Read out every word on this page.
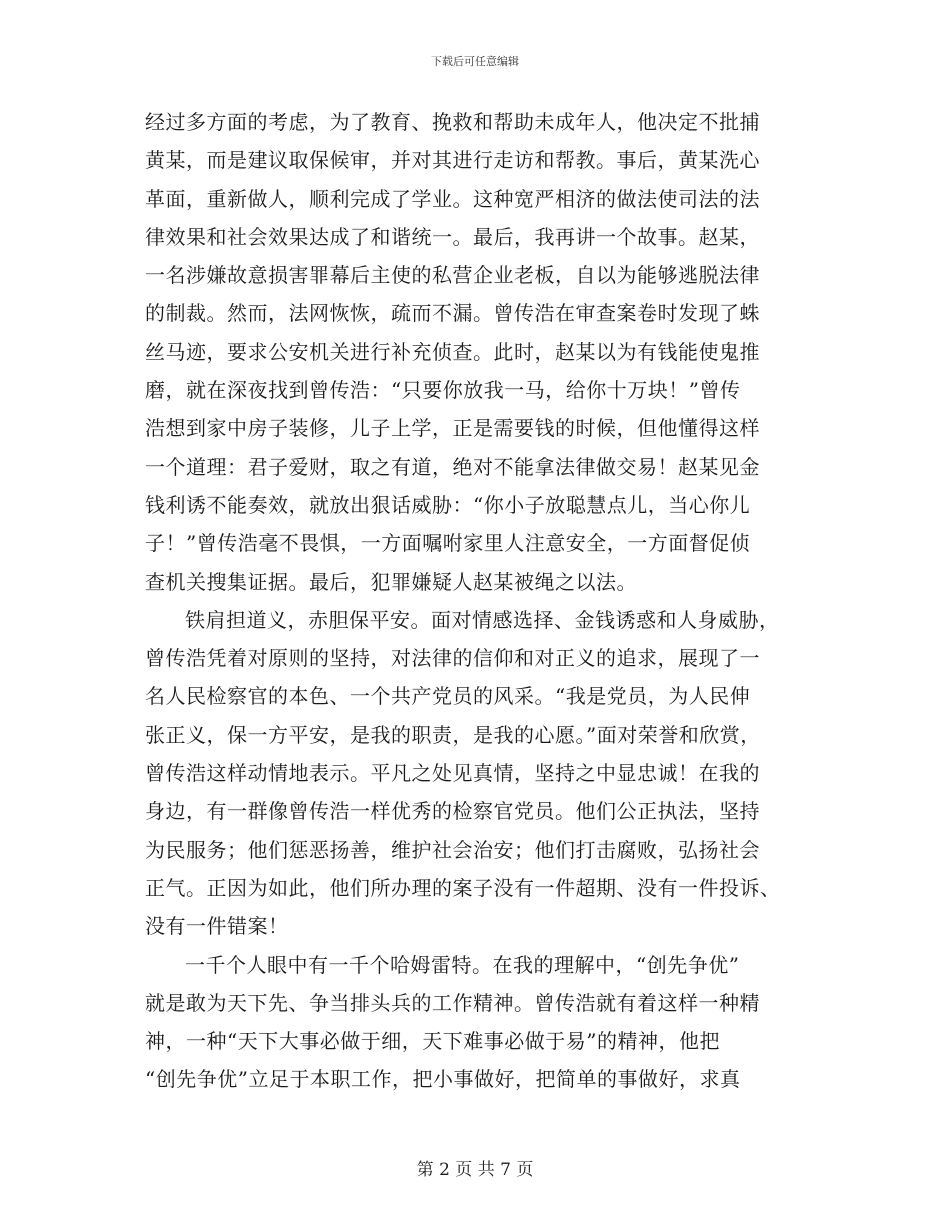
下载后可任意编辑
经过多方面的考虑，为了教育、挽救和帮助未成年人，他决定不批捕
黄某，而是建议取保候审，并对其进行走访和帮教。事后，黄某洗心
革面，重新做人，顺利完成了学业。这种宽严相济的做法使司法的法
律效果和社会效果达成了和谐统一。最后，我再讲一个故事。赵某，
一名涉嫌故意损害罪幕后主使的私营企业老板，自以为能够逃脱法律
的制裁。然而，法网恢恢，疏而不漏。曾传浩在审查案卷时发现了蛛
丝马迹，要求公安机关进行补充侦查。此时，赵某以为有钱能使鬼推
磨，就在深夜找到曾传浩：“只要你放我一马，给你十万块！”曾传
浩想到家中房子装修，儿子上学，正是需要钱的时候，但他懂得这样
一个道理：君子爱财，取之有道，绝对不能拿法律做交易！赵某见金
钱利诱不能奏效，就放出狠话威胁：“你小子放聪慧点儿，当心你儿
子！”曾传浩毫不畏惧，一方面嘱咐家里人注意安全，一方面督促侦
查机关搜集证据。最后，犯罪嫌疑人赵某被绳之以法。
铁肩担道义，赤胆保平安。面对情感选择、金钱诱惑和人身威胁，
曾传浩凭着对原则的坚持，对法律的信仰和对正义的追求，展现了一
名人民检察官的本色、一个共产党员的风采。“我是党员，为人民伸
张正义，保一方平安，是我的职责，是我的心愿。”面对荣誉和欣赏，
曾传浩这样动情地表示。平凡之处见真情，坚持之中显忠诚！在我的
身边，有一群像曾传浩一样优秀的检察官党员。他们公正执法，坚持
为民服务；他们惩恶扬善，维护社会治安；他们打击腐败，弘扬社会
正气。正因为如此，他们所办理的案子没有一件超期、没有一件投诉、
没有一件错案！
一千个人眼中有一千个哈姆雷特。在我的理解中，“创先争优”
就是敢为天下先、争当排头兵的工作精神。曾传浩就有着这样一种精
神，一种“天下大事必做于细，天下难事必做于易”的精神，他把
“创先争优”立足于本职工作，把小事做好，把简单的事做好，求真
第 2 页 共 7 页
